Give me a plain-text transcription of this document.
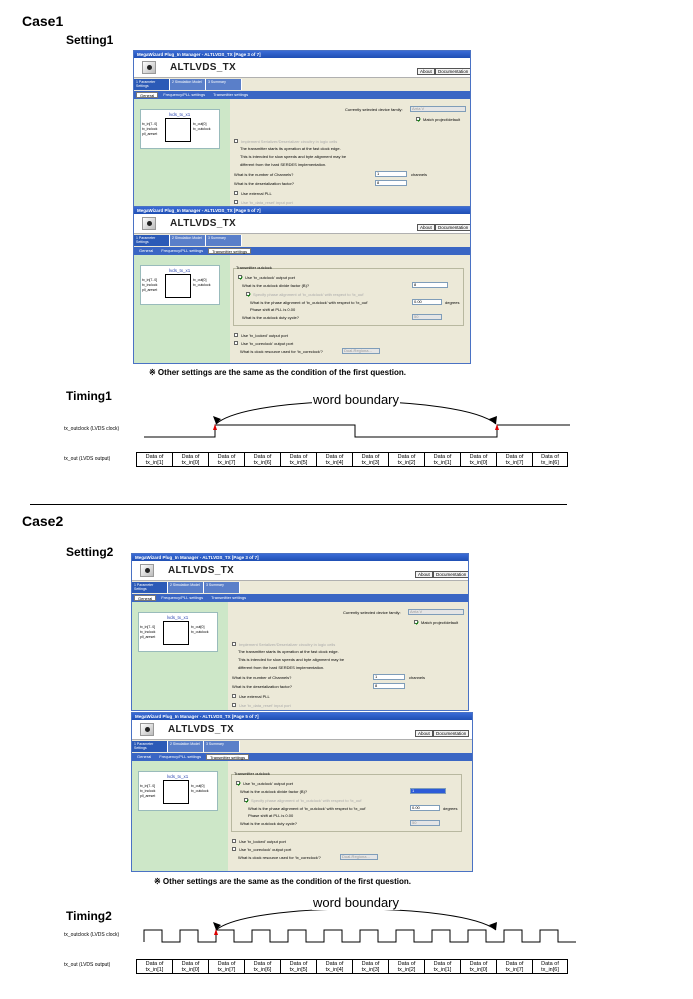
Case1
Setting1
MegaWizard Plug_In Manager - ALTLVDS_TX [Page 3 of 7]
ALTLVDS_TX	About	Documentation
1 Parameter Settings
2 Simulation Model	3 Summary
General	Frequency/PLL settings	Transmitter settings
lvds_tx_x1
tx_in[7..0]
tx_inclock
pll_areset
tx_out[0]
tx_outclock
Currently selected device family:	Arria V
Match project/default
Implement Serializer/Deserializer circuitry in logic cells
The transmitter starts its operation at the fast clock edge.
This is intended for slow speeds and byte alignment may be
different from the hard SERDES implementation.
What is the number of Channels?	1	channels
What is the deserialization factor?	8
Use external PLL
Use 'tx_data_reset' input port
MegaWizard Plug_In Manager - ALTLVDS_TX [Page 5 of 7]
ALTLVDS_TX	About	Documentation
1 Parameter Settings
2 Simulation Model	3 Summary
General	Frequency/PLL settings	Transmitter settings
lvds_tx_x1
tx_in[7..0]
tx_inclock
pll_areset
tx_out[0]
tx_outclock
Transmitter outclock
Use 'tx_outclock' output port
What is the outclock divide factor (B)?	8
Specify phase alignment of 'tx_outclock' with respect to 'tx_out'
What is the phase alignment of 'tx_outclock' with respect to 'tx_out'	0.00	degrees
Phase shift at PLL is 0.00
What is the outclock duty cycle?	50
Use 'tx_locked' output port
Use 'tx_coreclock' output port
What is clock resource used for 'tx_coreclock'?	Dual-Regiona...
※ Other settings are the same as the condition of the first question.
Timing1
tx_outclock (LVDS clock)
tx_out (LVDS output)
word boundary
Data of
tx_in[1]
Data of
tx_in[0]
Data of
tx_in[7]
Data of
tx_in[6]
Data of
tx_in[5]
Data of
tx_in[4]
Data of
tx_in[3]
Data of
tx_in[2]
Data of
tx_in[1]
Data of
tx_in[0]
Data of
tx_in[7]
Data of
tx_in[6]
Case2
Setting2	MegaWizard Plug_In Manager - ALTLVDS_TX [Page 3 of 7]
ALTLVDS_TX	About	Documentation
1 Parameter Settings
2 Simulation Model	3 Summary
General	Frequency/PLL settings	Transmitter settings
lvds_tx_x1
tx_in[7..0]
tx_inclock
pll_areset
tx_out[0]
tx_outclock
Currently selected device family:	Arria V
Match project/default
Implement Serializer/Deserializer circuitry in logic cells
The transmitter starts its operation at the fast clock edge.
This is intended for slow speeds and byte alignment may be
different from the hard SERDES implementation.
What is the number of Channels?	1	channels
What is the deserialization factor?	8
Use external PLL
Use 'tx_data_reset' input port
MegaWizard Plug_In Manager - ALTLVDS_TX [Page 5 of 7]
ALTLVDS_TX	About	Documentation
1 Parameter Settings
2 Simulation Model	3 Summary
General	Frequency/PLL settings	Transmitter settings
lvds_tx_x1
tx_in[7..0]
tx_inclock
pll_areset
tx_out[0]
tx_outclock
Transmitter outclock
Use 'tx_outclock' output port
What is the outclock divide factor (B)?	1
Specify phase alignment of 'tx_outclock' with respect to 'tx_out'
What is the phase alignment of 'tx_outclock' with respect to 'tx_out'	0.00	degrees
Phase shift at PLL is 0.00
What is the outclock duty cycle?	50
Use 'tx_locked' output port
Use 'tx_coreclock' output port
What is clock resource used for 'tx_coreclock'?	Dual-Regiona...
※ Other settings are the same as the condition of the first question.
Timing2
tx_outclock (LVDS clock)
tx_out (LVDS output)
word boundary
Data of
tx_in[1]
Data of
tx_in[0]
Data of
tx_in[7]
Data of
tx_in[6]
Data of
tx_in[5]
Data of
tx_in[4]
Data of
tx_in[3]
Data of
tx_in[2]
Data of
tx_in[1]
Data of
tx_in[0]
Data of
tx_in[7]
Data of
tx_in[6]
